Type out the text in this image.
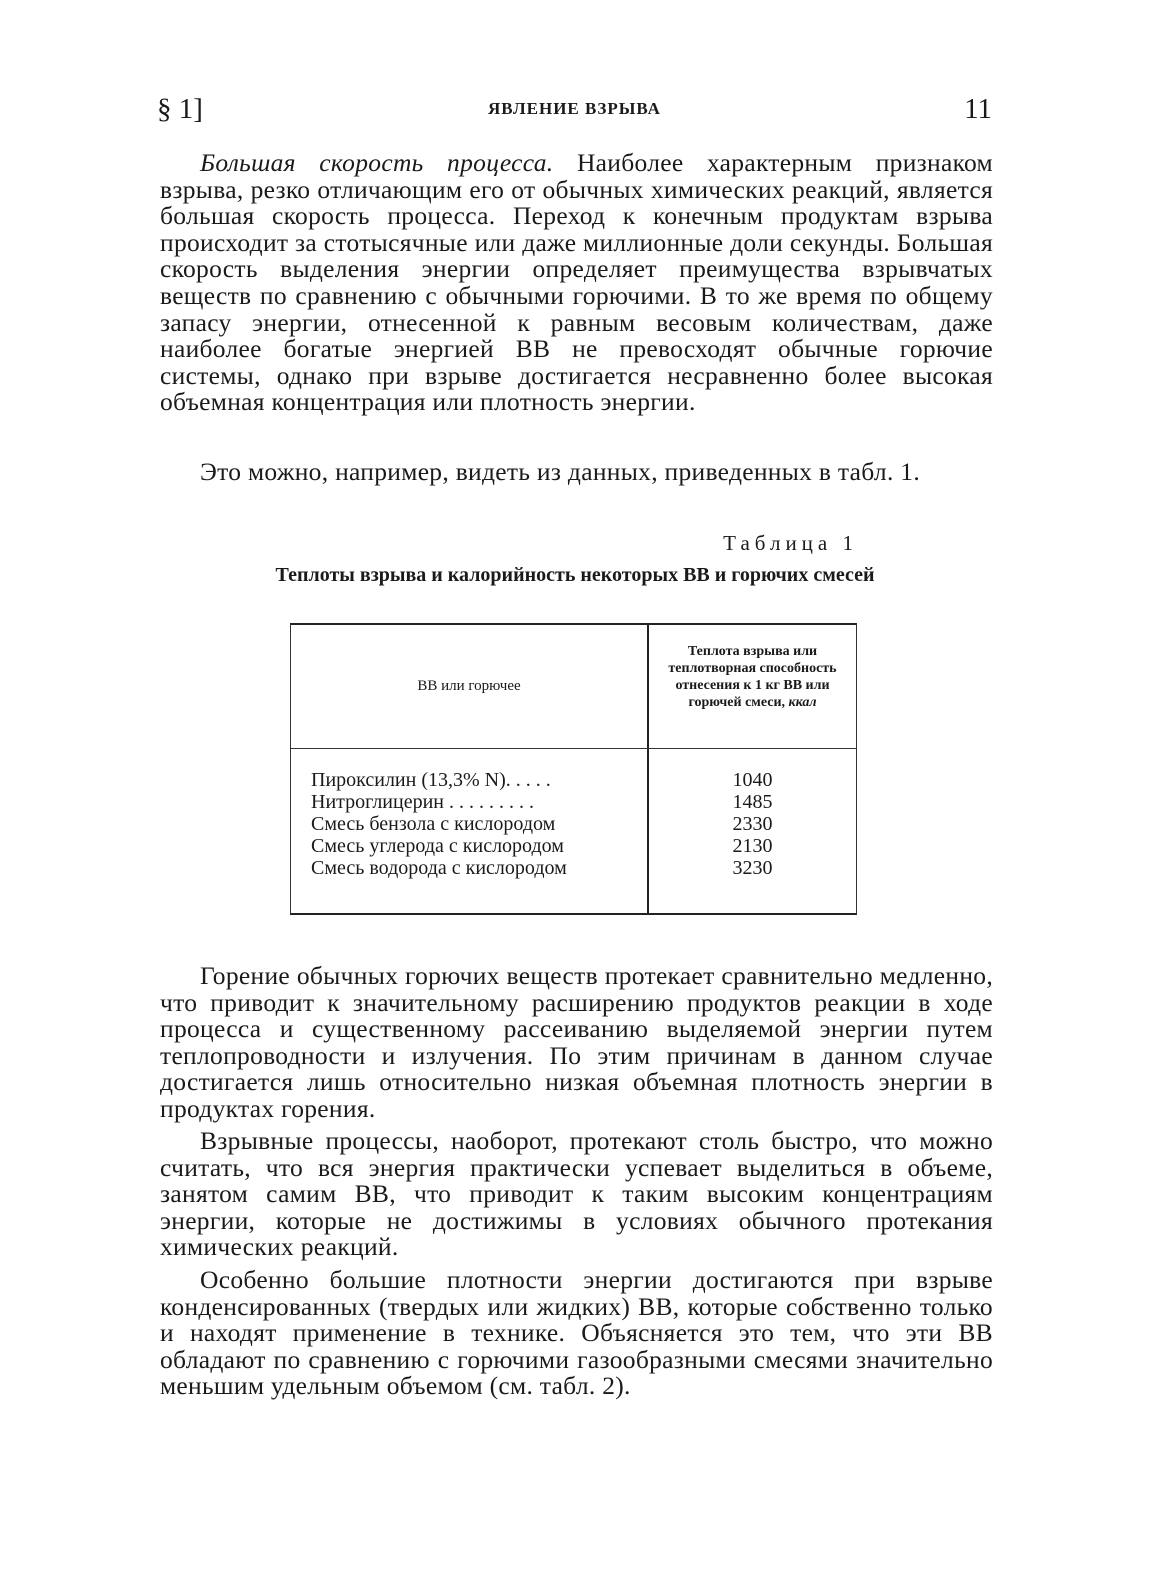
§ 1]	ЯВЛЕНИЕ ВЗРЫВА	11

Большая скорость процесса. Наиболее характерным признаком взрыва, резко отличающим его от обычных химических реакций, является большая скорость процесса. Переход к конечным продуктам взрыва происходит за стотысячные или даже миллионные доли секунды. Большая скорость выделения энергии определяет преимущества взрывчатых веществ по сравнению с обычными горючими. В то же время по общему запасу энергии, отнесенной к равным весовым количествам, даже наиболее богатые энергией ВВ не превосходят обычные горючие системы, однако при взрыве достигается несравненно более высокая объемная концентрация или плотность энергии.

Это можно, например, видеть из данных, приведенных в табл. 1.

Таблица 1
Теплоты взрыва и калорийность некоторых ВВ и горючих смесей
ВВ или горючее
Теплота взрыва или теплотворная способность отнесения к 1 кг ВВ или горючей смеси, ккал
Пироксилин (13,3% N). . . . .
Нитроглицерин . . . . . . . . .
Смесь бензола с кислородом
Смесь углерода с кислородом
Смесь водорода с кислородом
1040
1485
2330
2130
3230

Горение обычных горючих веществ протекает сравнительно медленно, что приводит к значительному расширению продуктов реакции в ходе процесса и существенному рассеиванию выделяемой энергии путем теплопроводности и излучения. По этим причинам в данном случае достигается лишь относительно низкая объемная плотность энергии в продуктах горения.

Взрывные процессы, наоборот, протекают столь быстро, что можно считать, что вся энергия практически успевает выделиться в объеме, занятом самим ВВ, что приводит к таким высоким концентрациям энергии, которые не достижимы в условиях обычного протекания химических реакций.

Особенно большие плотности энергии достигаются при взрыве конденсированных (твердых или жидких) ВВ, которые собственно только и находят применение в технике. Объясняется это тем, что эти ВВ обладают по сравнению с горючими газообразными смесями значительно меньшим удельным объемом (см. табл. 2).
